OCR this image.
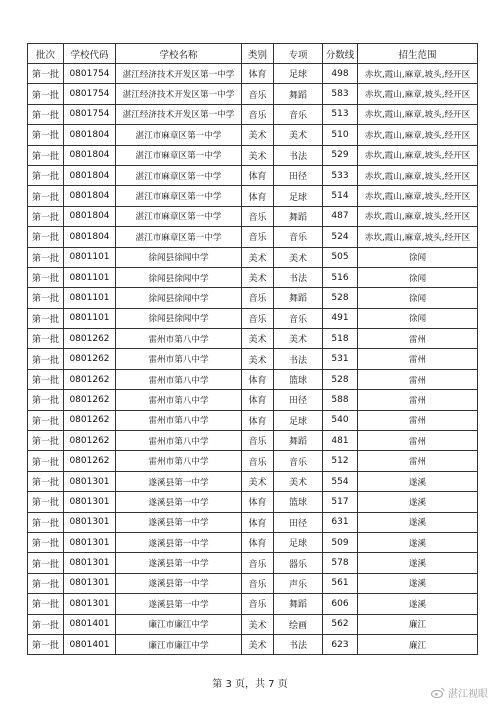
批次	学校代码	学校名称	类别	专项	分数线	招生范围
第一批	0801754	湛江经济技术开发区第一中学	体育	足球	498	赤坎,霞山,麻章,坡头,经开区
第一批	0801754	湛江经济技术开发区第一中学	音乐	舞蹈	583	赤坎,霞山,麻章,坡头,经开区
第一批	0801754	湛江经济技术开发区第一中学	音乐	音乐	513	赤坎,霞山,麻章,坡头,经开区
第一批	0801804	湛江市麻章区第一中学	美术	美术	510	赤坎,霞山,麻章,坡头,经开区
第一批	0801804	湛江市麻章区第一中学	美术	书法	529	赤坎,霞山,麻章,坡头,经开区
第一批	0801804	湛江市麻章区第一中学	体育	田径	533	赤坎,霞山,麻章,坡头,经开区
第一批	0801804	湛江市麻章区第一中学	体育	足球	514	赤坎,霞山,麻章,坡头,经开区
第一批	0801804	湛江市麻章区第一中学	音乐	舞蹈	487	赤坎,霞山,麻章,坡头,经开区
第一批	0801804	湛江市麻章区第一中学	音乐	音乐	524	赤坎,霞山,麻章,坡头,经开区
第一批	0801101	徐闻县徐闻中学	美术	美术	505	徐闻
第一批	0801101	徐闻县徐闻中学	美术	书法	516	徐闻
第一批	0801101	徐闻县徐闻中学	音乐	舞蹈	528	徐闻
第一批	0801101	徐闻县徐闻中学	音乐	音乐	491	徐闻
第一批	0801262	雷州市第八中学	美术	美术	518	雷州
第一批	0801262	雷州市第八中学	美术	书法	531	雷州
第一批	0801262	雷州市第八中学	体育	篮球	528	雷州
第一批	0801262	雷州市第八中学	体育	田径	588	雷州
第一批	0801262	雷州市第八中学	体育	足球	540	雷州
第一批	0801262	雷州市第八中学	音乐	舞蹈	481	雷州
第一批	0801262	雷州市第八中学	音乐	音乐	512	雷州
第一批	0801301	遂溪县第一中学	美术	美术	554	遂溪
第一批	0801301	遂溪县第一中学	体育	篮球	517	遂溪
第一批	0801301	遂溪县第一中学	体育	田径	631	遂溪
第一批	0801301	遂溪县第一中学	体育	足球	509	遂溪
第一批	0801301	遂溪县第一中学	音乐	器乐	578	遂溪
第一批	0801301	遂溪县第一中学	音乐	声乐	561	遂溪
第一批	0801301	遂溪县第一中学	音乐	舞蹈	606	遂溪
第一批	0801401	廉江市廉江中学	美术	绘画	562	廉江
第一批	0801401	廉江市廉江中学	美术	书法	623	廉江
第 3 页，共 7 页
湛江视眼
